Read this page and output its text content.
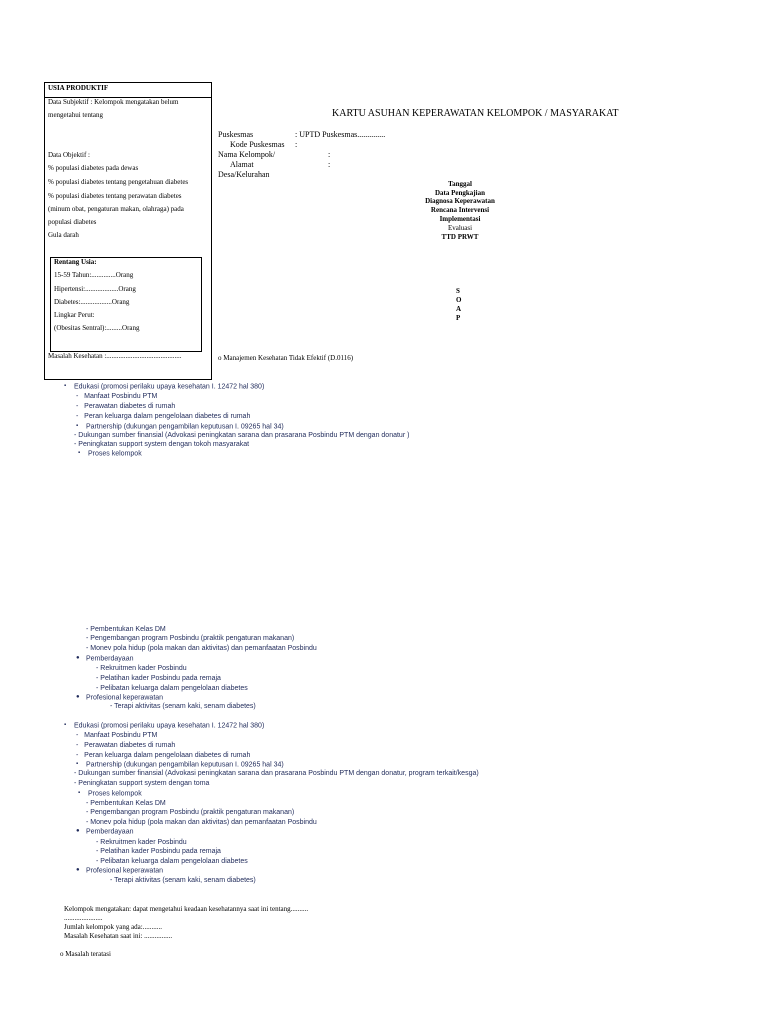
USIA PRODUKTIF
Data Subjektif : Kelompok mengatakan belum
mengetahui tentang
Data Objektif :
% populasi diabetes pada dewas
% populasi diabetes tentang pengetahuan diabetes
% populasi diabetes tentang perawatan diabetes
(minum obat, pengaturan makan, olahraga) pada
populasi diabetes
Gula darah
Rentang Usia:
15-59 Tahun:..............Orang
Hipertensi:...................Orang
Diabetes:..................Orang
Lingkar Perut:
(Obesitas Sentral):.........Orang
Masalah Kesehatan :...........................................
KARTU ASUHAN KEPERAWATAN KELOMPOK / MASYARAKAT
Puskesmas	: UPTD Puskesmas..............
Kode Puskesmas :
Nama Kelompok/	:
Alamat	:
Desa/Kelurahan
Tanggal
Data Pengkajian
Diagnosa Keperawatan
Rencana Intervensi
Implementasi
Evaluasi
TTD PRWT
S
O
A
P
o Manajemen Kesehatan Tidak Efektif (D.0116)
▪ Edukasi (promosi perilaku upaya kesehatan I. 12472 hal 380)
-   Manfaat Posbindu PTM
-   Perawatan diabetes di rumah
-   Peran keluarga dalam pengelolaan diabetes di rumah
▪ Partnership (dukungan pengambilan keputusan I. 09265 hal 34)
- Dukungan sumber finansial (Advokasi peningkatan sarana dan prasarana Posbindu PTM dengan donatur )
- Peningkatan support system dengan tokoh masyarakat
▪ Proses kelompok
- Pembentukan Kelas DM
- Pengembangan program Posbindu (praktik pengaturan makanan)
- Monev pola hidup (pola makan dan aktivitas) dan pemanfaatan Posbindu
● Pemberdayaan
- Rekruitmen kader Posbindu
- Pelatihan kader Posbindu pada remaja
- Pelibatan keluarga dalam pengelolaan diabetes
● Profesional keperawatan
- Terapi aktivitas (senam kaki, senam diabetes)
▪ Edukasi (promosi perilaku upaya kesehatan I. 12472 hal 380)
-   Manfaat Posbindu PTM
-   Perawatan diabetes di rumah
-   Peran keluarga dalam pengelolaan diabetes di rumah
▪ Partnership (dukungan pengambilan keputusan I. 09265 hal 34)
- Dukungan sumber finansial (Advokasi peningkatan sarana dan prasarana Posbindu PTM dengan donatur, program terkait/kesga)
- Peningkatan support system dengan toma
▪ Proses kelompok
- Pembentukan Kelas DM
- Pengembangan program Posbindu (praktik pengaturan makanan)
- Monev pola hidup (pola makan dan aktivitas) dan pemanfaatan Posbindu
● Pemberdayaan
- Rekruitmen kader Posbindu
- Pelatihan kader Posbindu pada remaja
- Pelibatan keluarga dalam pengelolaan diabetes
● Profesional keperawatan
- Terapi aktivitas (senam kaki, senam diabetes)
Kelompok mengatakan: dapat mengetahui keadaan kesehatannya saat ini tentang..........
......................
Jumlah kelompok yang ada:...........
Masalah Kesehatan saat ini: ................
o Masalah teratasi
